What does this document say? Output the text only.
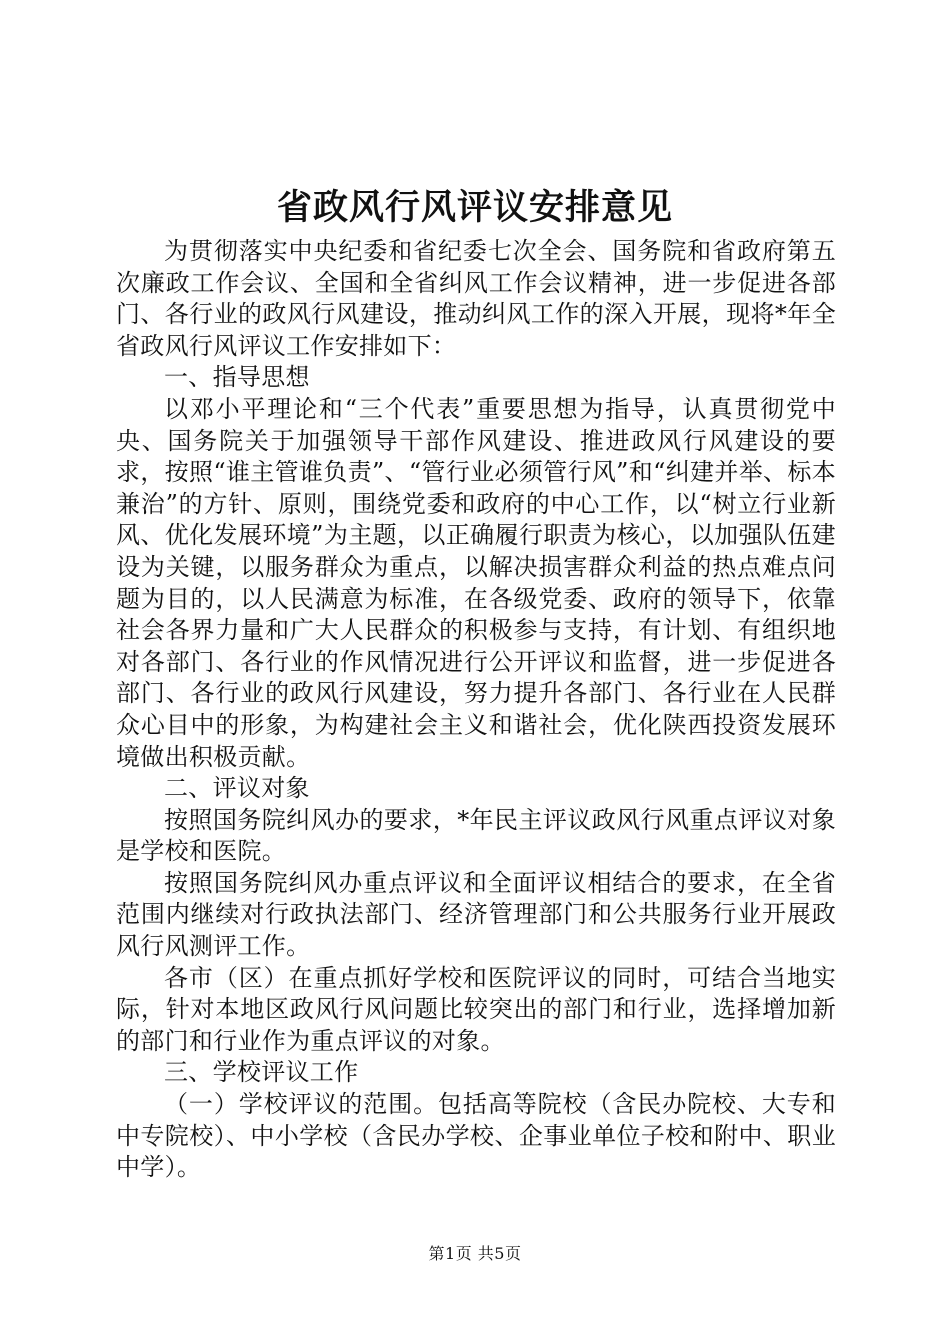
省政风行风评议安排意见

为贯彻落实中央纪委和省纪委七次全会、国务院和省政府第五次廉政工作会议、全国和全省纠风工作会议精神，进一步促进各部门、各行业的政风行风建设，推动纠风工作的深入开展，现将*年全省政风行风评议工作安排如下：

一、指导思想

以邓小平理论和“三个代表”重要思想为指导，认真贯彻党中央、国务院关于加强领导干部作风建设、推进政风行风建设的要求，按照“谁主管谁负责”、“管行业必须管行风”和“纠建并举、标本兼治”的方针、原则，围绕党委和政府的中心工作，以“树立行业新风、优化发展环境”为主题，以正确履行职责为核心，以加强队伍建设为关键，以服务群众为重点，以解决损害群众利益的热点难点问题为目的，以人民满意为标准，在各级党委、政府的领导下，依靠社会各界力量和广大人民群众的积极参与支持，有计划、有组织地对各部门、各行业的作风情况进行公开评议和监督，进一步促进各部门、各行业的政风行风建设，努力提升各部门、各行业在人民群众心目中的形象，为构建社会主义和谐社会，优化陕西投资发展环境做出积极贡献。

二、评议对象

按照国务院纠风办的要求，*年民主评议政风行风重点评议对象是学校和医院。

按照国务院纠风办重点评议和全面评议相结合的要求，在全省范围内继续对行政执法部门、经济管理部门和公共服务行业开展政风行风测评工作。

各市（区）在重点抓好学校和医院评议的同时，可结合当地实际，针对本地区政风行风问题比较突出的部门和行业，选择增加新的部门和行业作为重点评议的对象。

三、学校评议工作

（一）学校评议的范围。包括高等院校（含民办院校、大专和中专院校）、中小学校（含民办学校、企事业单位子校和附中、职业中学）。

第1页 共5页
